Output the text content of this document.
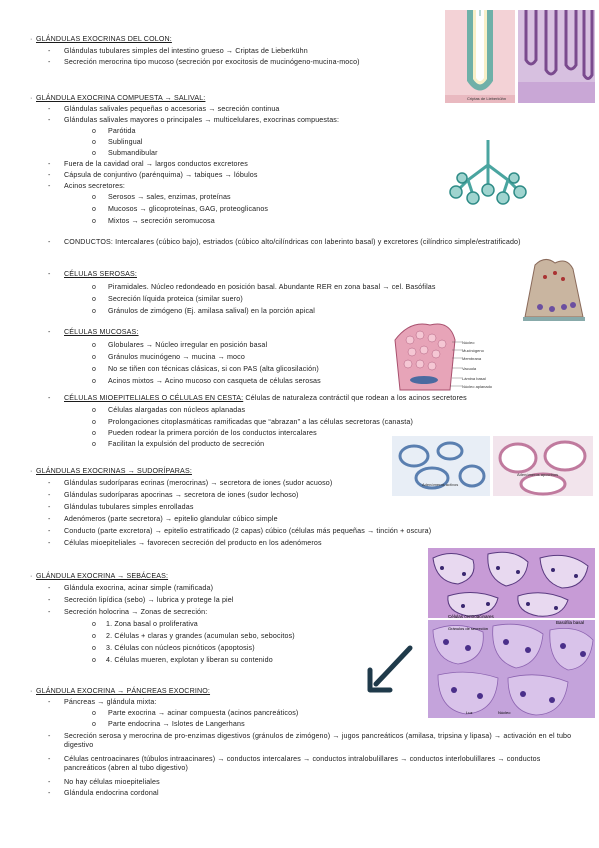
· GLÁNDULAS EXOCRINAS DEL COLON:
- Glándulas tubulares simples del intestino grueso → Criptas de Lieberkühn
- Secreción merocrina tipo mucoso (secreción por exocitosis de mucinógeno-mucina-moco)
Criptas de Lieberkühn
· GLÁNDULA EXOCRINA COMPUESTA → SALIVAL:
- Glándulas salivales pequeñas o accesorias → secreción continua
- Glándulas salivales mayores o principales → multicelulares, exocrinas compuestas:
o Parótida
o Sublingual
o Submandibular
- Fuera de la cavidad oral → largos conductos excretores
- Cápsula de conjuntivo (parénquima) → tabiques → lóbulos
- Acinos secretores:
o Serosos → sales, enzimas, proteínas
o Mucosos → glicoproteínas, GAG, proteoglicanos
o Mixtos → secreción seromucosa
- CONDUCTOS: Intercalares (cúbico bajo), estriados (cúbico alto/cilíndricas con laberinto basal) y excretores (cilíndrico simple/estratificado)
- CÉLULAS SEROSAS:
o Piramidales. Núcleo redondeado en posición basal. Abundante RER en zona basal → cel. Basófilas
o Secreción líquida proteica (similar suero)
o Gránulos de zimógeno (Ej. amilasa salival) en la porción apical
- CÉLULAS MUCOSAS:
o Globulares → Núcleo irregular en posición basal
o Gránulos mucinógeno → mucina → moco
o No se tiñen con técnicas clásicas, si con PAS (alta glicosilación)
o Acinos mixtos → Acino mucoso con casqueta de células serosas
Núcleo
Mucinógeno
Membrana
Vacuola
Lámina basal
Núcleo aplanado
- CÉLULAS MIOEPITELIALES O CÉLULAS EN CESTA: Células de naturaleza contráctil que rodean a los acinos secretores
o Células alargadas con núcleos aplanadas
o Prolongaciones citoplasmáticas ramificadas que “abrazan” a las células secretoras (canasta)
o Pueden rodear la primera porción de los conductos intercalares
o Facilitan la expulsión del producto de secreción
Adenómeros activos
Adenómeros apocrinos
· GLÁNDULAS EXOCRINAS → SUDORÍPARAS:
- Glándulas sudoríparas ecrinas (merocrinas) → secretora de iones (sudor acuoso)
- Glándulas sudoríparas apocrinas → secretora de iones (sudor lechoso)
- Glándulas tubulares simples enrolladas
- Adenómeros (parte secretora) → epitelio glandular cúbico simple
- Conducto (parte excretora) → epitelio estratificado (2 capas) cúbico (células más pequeñas → tinción + oscura)
- Células mioepiteliales → favorecen secreción del producto en los adenómeros
Células centroacinares
Gránulos de secreción
Basófila basal
Luz	Núcleo
· GLÁNDULA EXOCRINA → SEBÁCEAS:
- Glándula exocrina, acinar simple (ramificada)
- Secreción lipídica (sebo) → lubrica y protege la piel
- Secreción holocrina → Zonas de secreción:
o 1. Zona basal o proliferativa
o 2. Células + claras y grandes (acumulan sebo, sebocitos)
o 3. Células con núcleos picnóticos (apoptosis)
o 4. Células mueren, explotan y liberan su contenido
· GLÁNDULA EXOCRINA → PÁNCREAS EXOCRINO:
- Páncreas → glándula mixta:
o Parte exocrina → acinar compuesta (acinos pancreáticos)
o Parte endocrina → Islotes de Langerhans
- Secreción serosa y merocrina de pro-enzimas digestivos (gránulos de zimógeno) → jugos pancreáticos (amilasa, tripsina y lipasa) → activación en el tubo digestivo
- Células centroacinares (túbulos intraacinares) → conductos intercalares → conductos intralobulillares → conductos interlobulillares → conductos pancreáticos (abren al tubo digestivo)
- No hay células mioepiteliales
- Glándula endocrina cordonal
